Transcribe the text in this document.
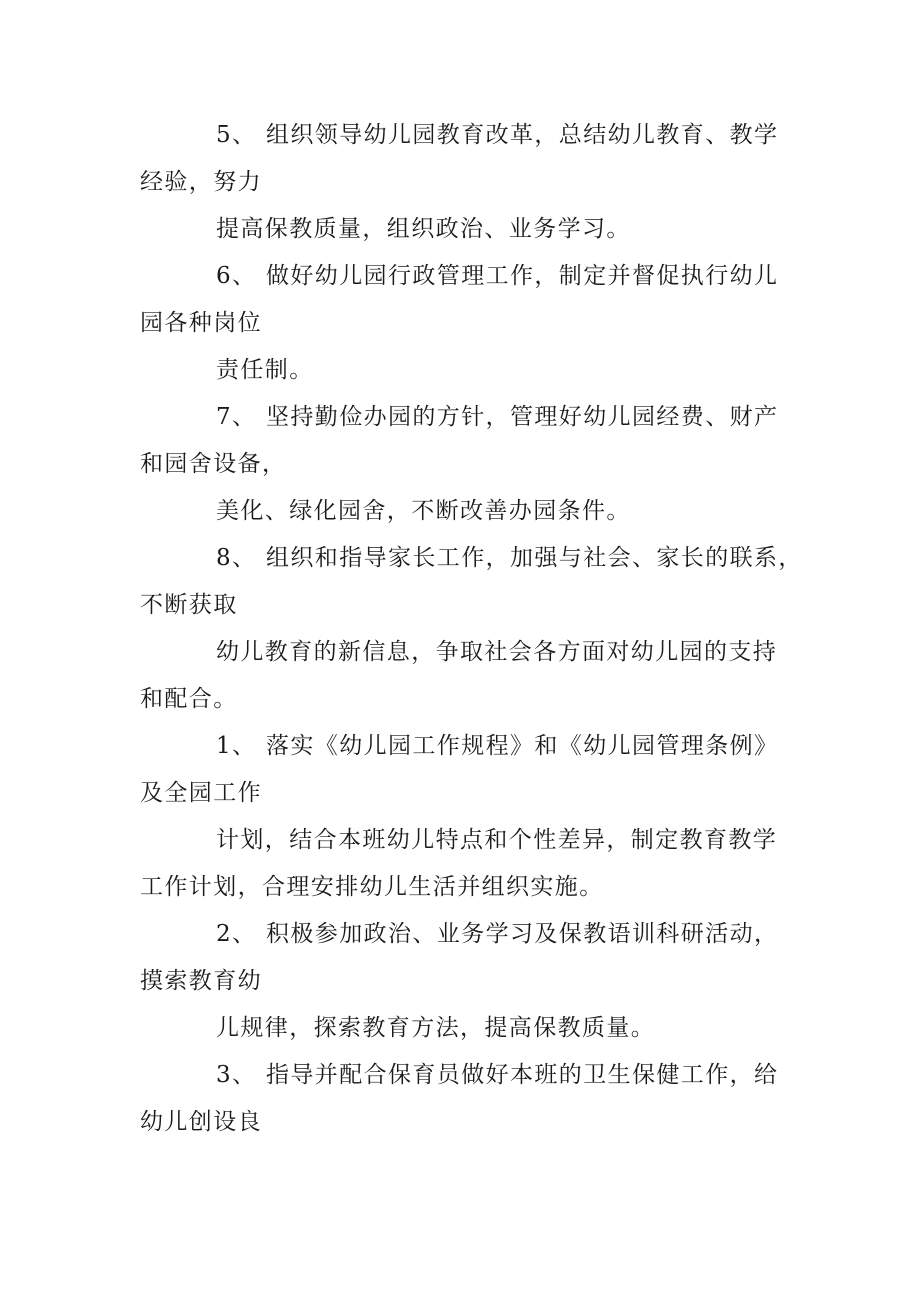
5、 组织领导幼儿园教育改革，总结幼儿教育、教学
经验，努力
提高保教质量，组织政治、业务学习。
6、 做好幼儿园行政管理工作，制定并督促执行幼儿
园各种岗位
责任制。
7、 坚持勤俭办园的方针，管理好幼儿园经费、财产
和园舍设备，
美化、绿化园舍，不断改善办园条件。
8、 组织和指导家长工作，加强与社会、家长的联系，
不断获取
幼儿教育的新信息，争取社会各方面对幼儿园的支持
和配合。
1、 落实《幼儿园工作规程》和《幼儿园管理条例》
及全园工作
计划，结合本班幼儿特点和个性差异，制定教育教学
工作计划，合理安排幼儿生活并组织实施。
2、 积极参加政治、业务学习及保教语训科研活动，
摸索教育幼
儿规律，探索教育方法，提高保教质量。
3、 指导并配合保育员做好本班的卫生保健工作，给
幼儿创设良
